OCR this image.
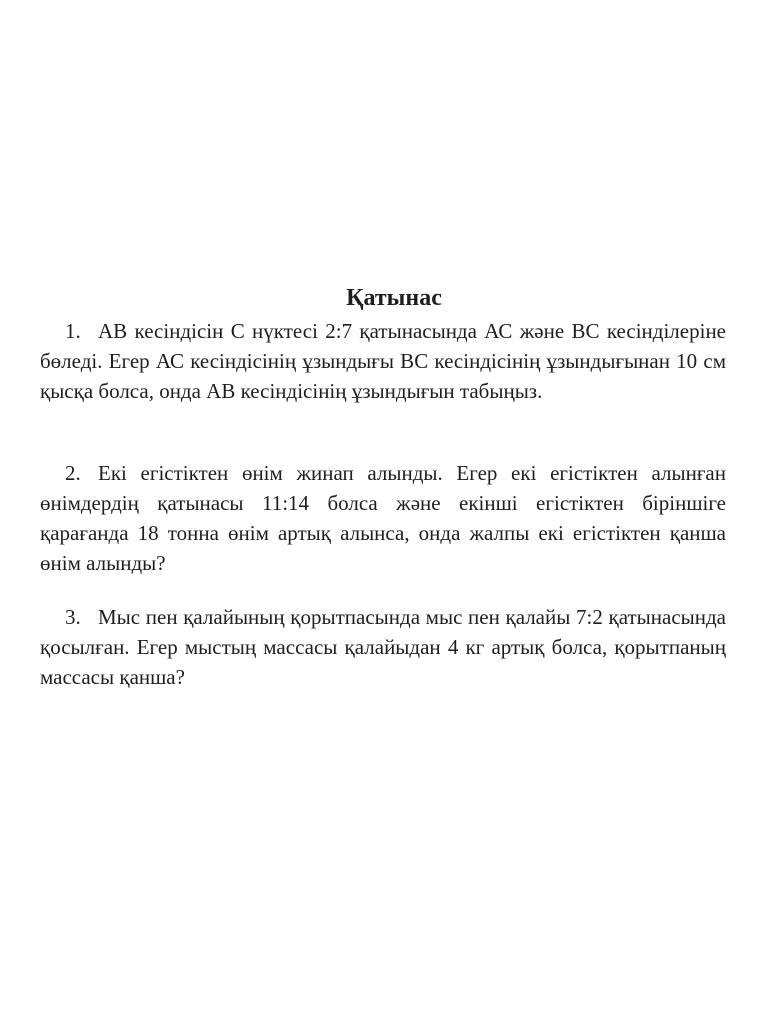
Қатынас
1. АВ кесіндісін С нүктесі 2:7 қатынасында АС және ВС кесінділеріне бөледі. Егер АС кесіндісінің ұзындығы ВС кесіндісінің ұзындығынан 10 см қысқа болса, онда АВ кесіндісінің ұзындығын табыңыз.
2. Екі егістіктен өнім жинап алынды. Егер екі егістіктен алынған өнімдердің қатынасы 11:14 болса және екінші егістіктен біріншіге қарағанда 18 тонна өнім артық алынса, онда жалпы екі егістіктен қанша өнім алынды?
3. Мыс пен қалайының қорытпасында мыс пен қалайы 7:2 қатынасында қосылған. Егер мыстың массасы қалайыдан 4 кг артық болса, қорытпаның массасы қанша?
